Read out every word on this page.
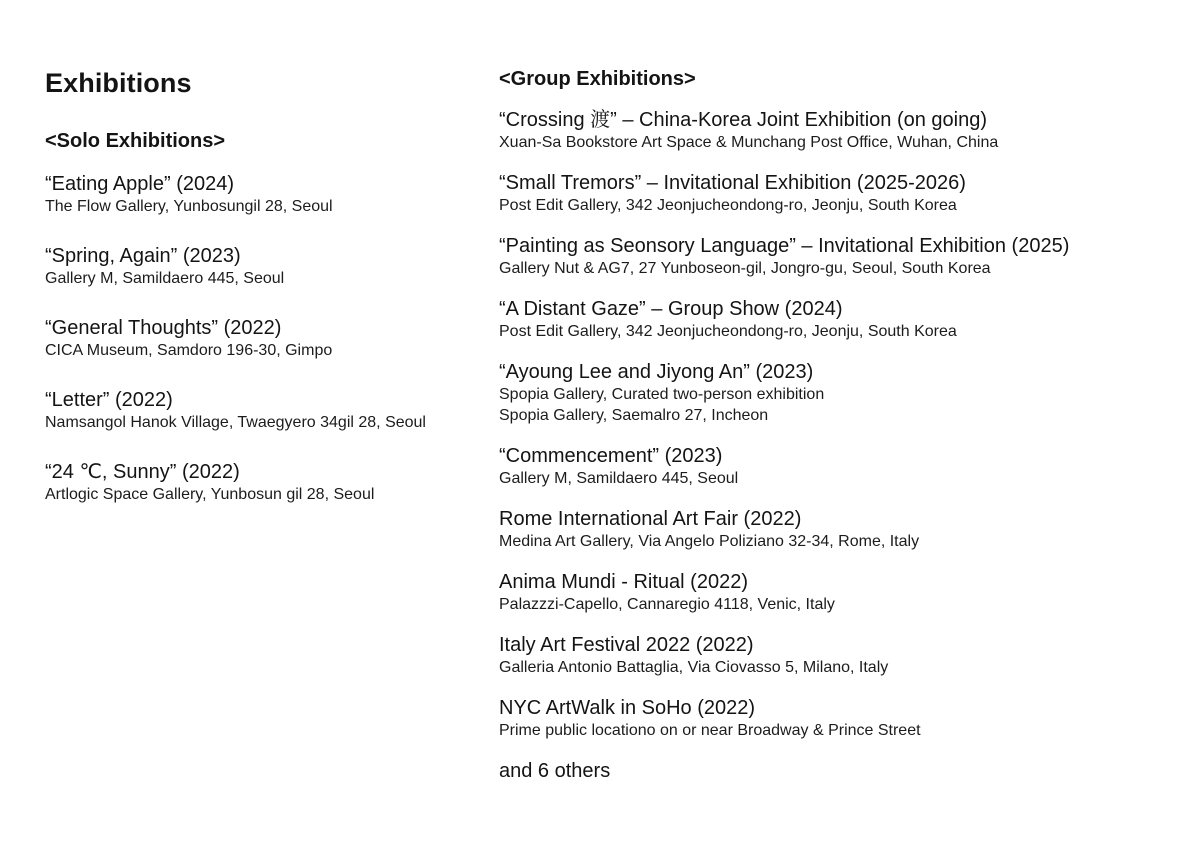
Exhibitions
<Solo Exhibitions>
“Eating Apple” (2024)
The Flow Gallery, Yunbosungil 28, Seoul
“Spring, Again” (2023)
Gallery M, Samildaero 445, Seoul
“General Thoughts” (2022)
CICA Museum, Samdoro 196-30, Gimpo
“Letter” (2022)
Namsangol Hanok Village, Twaegyero 34gil 28, Seoul
“24 ℃, Sunny” (2022)
Artlogic Space Gallery, Yunbosun gil 28, Seoul
<Group Exhibitions>
“Crossing 渡” – China-Korea Joint Exhibition (on going)
Xuan-Sa Bookstore Art Space & Munchang Post Office, Wuhan, China
“Small Tremors” – Invitational Exhibition (2025-2026)
Post Edit Gallery, 342 Jeonjucheondong-ro, Jeonju, South Korea
“Painting as Seonsory Language” – Invitational Exhibition (2025)
Gallery Nut & AG7, 27 Yunboseon-gil, Jongro-gu, Seoul, South Korea
“A Distant Gaze” – Group Show (2024)
Post Edit Gallery, 342 Jeonjucheondong-ro, Jeonju, South Korea
“Ayoung Lee and Jiyong An” (2023)
Spopia Gallery, Curated two-person exhibition
Spopia Gallery, Saemalro 27, Incheon
“Commencement” (2023)
Gallery M, Samildaero 445, Seoul
Rome International Art Fair (2022)
Medina Art Gallery, Via Angelo Poliziano 32-34, Rome, Italy
Anima Mundi - Ritual (2022)
Palazzzi-Capello, Cannaregio 4118, Venic, Italy
Italy Art Festival 2022 (2022)
Galleria Antonio Battaglia, Via Ciovasso 5, Milano, Italy
NYC ArtWalk in SoHo (2022)
Prime public locationo on or near Broadway & Prince Street
and 6 others
